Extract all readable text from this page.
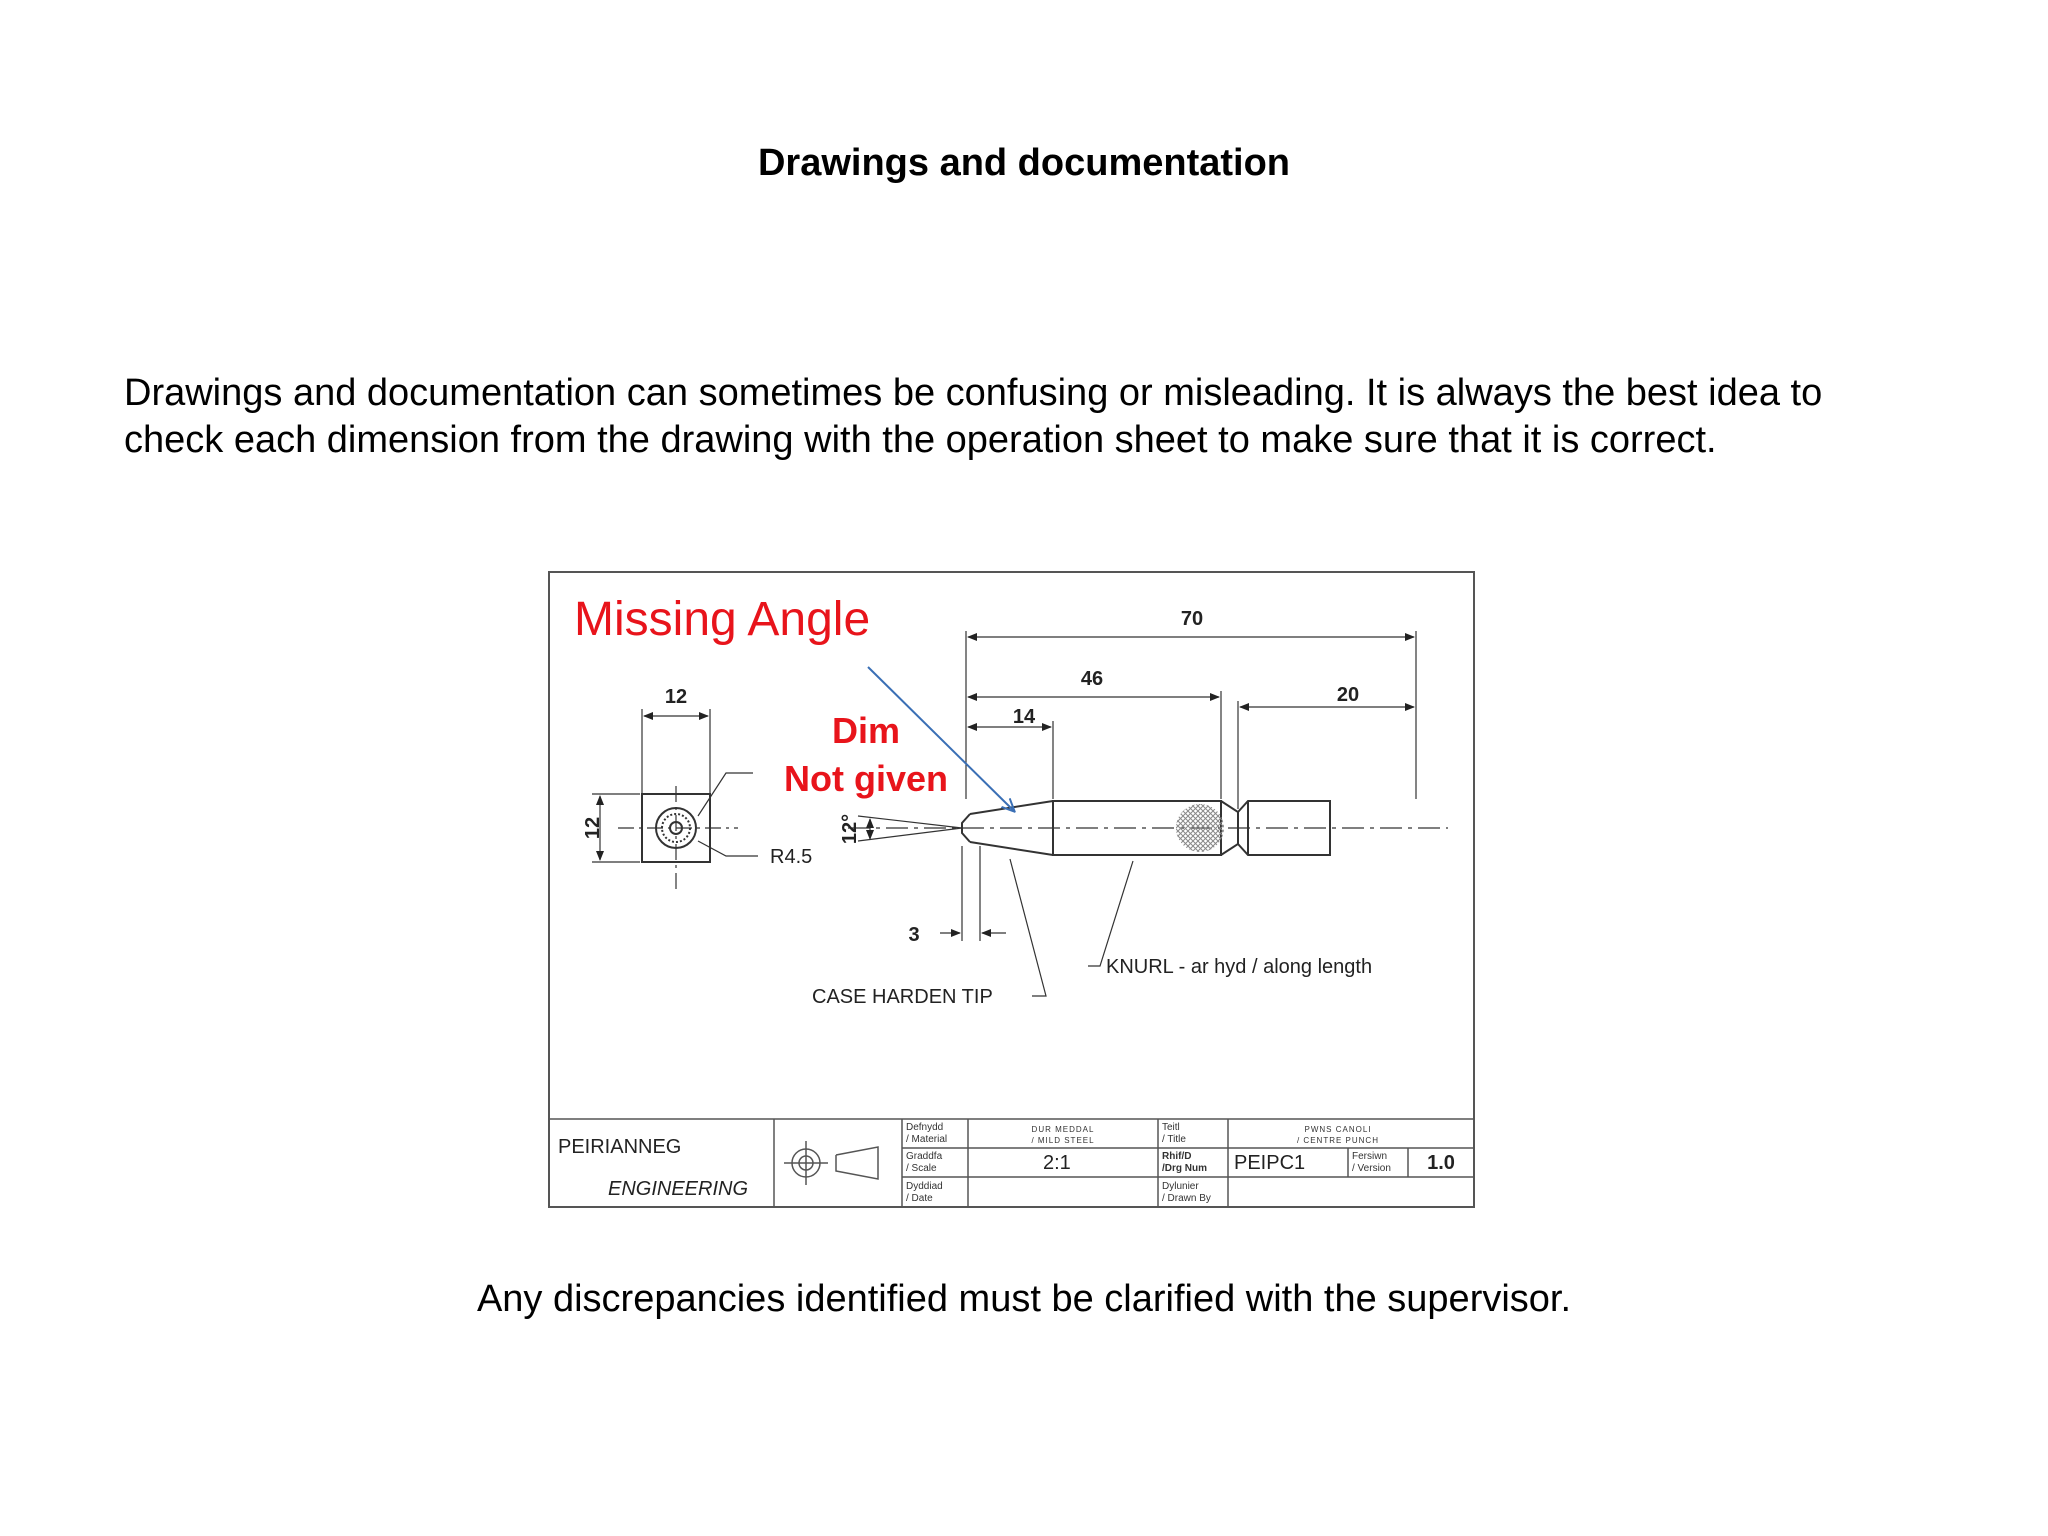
Drawings and documentation
Drawings and documentation can sometimes be confusing or misleading. It is always the best idea to
check each dimension from the drawing with the operation sheet to make sure that it is correct.
12
12
R4.5
12°
70
46
14
20
3
CASE HARDEN TIP
KNURL - ar hyd / along length
Missing Angle
Dim
Not given
PEIRIANNEG
ENGINEERING
Defnydd
/ Material
DUR MEDDAL
/ MILD STEEL
Graddfa
/ Scale	2:1
Dyddiad
/ Date
Teitl
/ Title
PWNS CANOLI
/ CENTRE PUNCH
Rhif/D
/Drg Num PEIPC1	Fersiwn
/ Version 1.0
Dylunier
/ Drawn By
Any discrepancies identified must be clarified with the supervisor.
